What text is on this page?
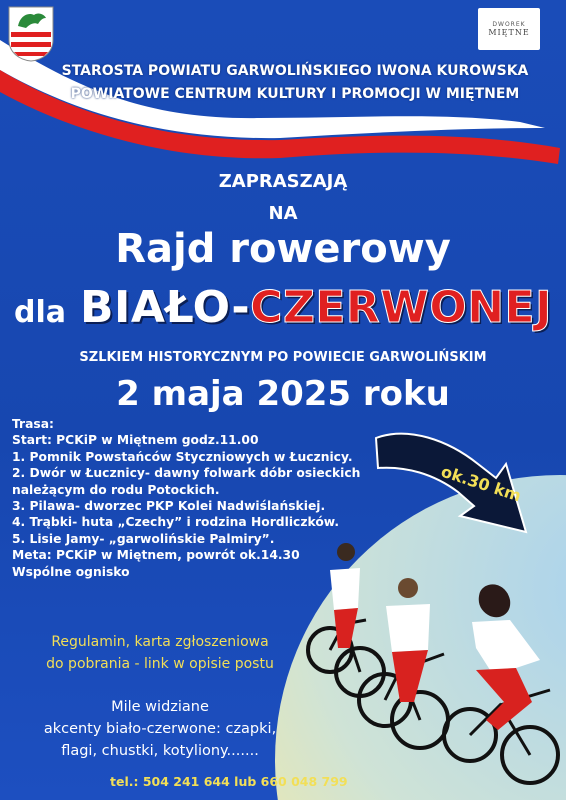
DWOREK
MIĘTNE
STAROSTA POWIATU GARWOLIŃSKIEGO IWONA KUROWSKA
POWIATOWE CENTRUM KULTURY I PROMOCJI W MIĘTNEM
ZAPRASZAJĄ
NA
Rajd rowerowy
dla BIAŁO-CZERWONEJ
SZLKIEM HISTORYCZNYM PO POWIECIE GARWOLIŃSKIM
2 maja 2025 roku
Trasa:
Start: PCKiP w Miętnem godz.11.00
1. Pomnik Powstańców Styczniowych w Łucznicy.
2. Dwór w Łucznicy- dawny folwark dóbr osieckich
należącym do rodu Potockich.
3. Pilawa- dworzec PKP Kolei Nadwiślańskiej.
4. Trąbki- huta „Czechy” i rodzina Hordliczków.
5. Lisie Jamy- „garwolińskie Palmiry”.
Meta: PCKiP w Miętnem, powrót ok.14.30
Wspólne ognisko
ok.30 km
Regulamin, karta zgłoszeniowa
do pobrania - link w opisie postu
Mile widziane
akcenty biało-czerwone: czapki,
flagi, chustki, kotyliony.......
tel.: 504 241 644 lub 660 048 799
